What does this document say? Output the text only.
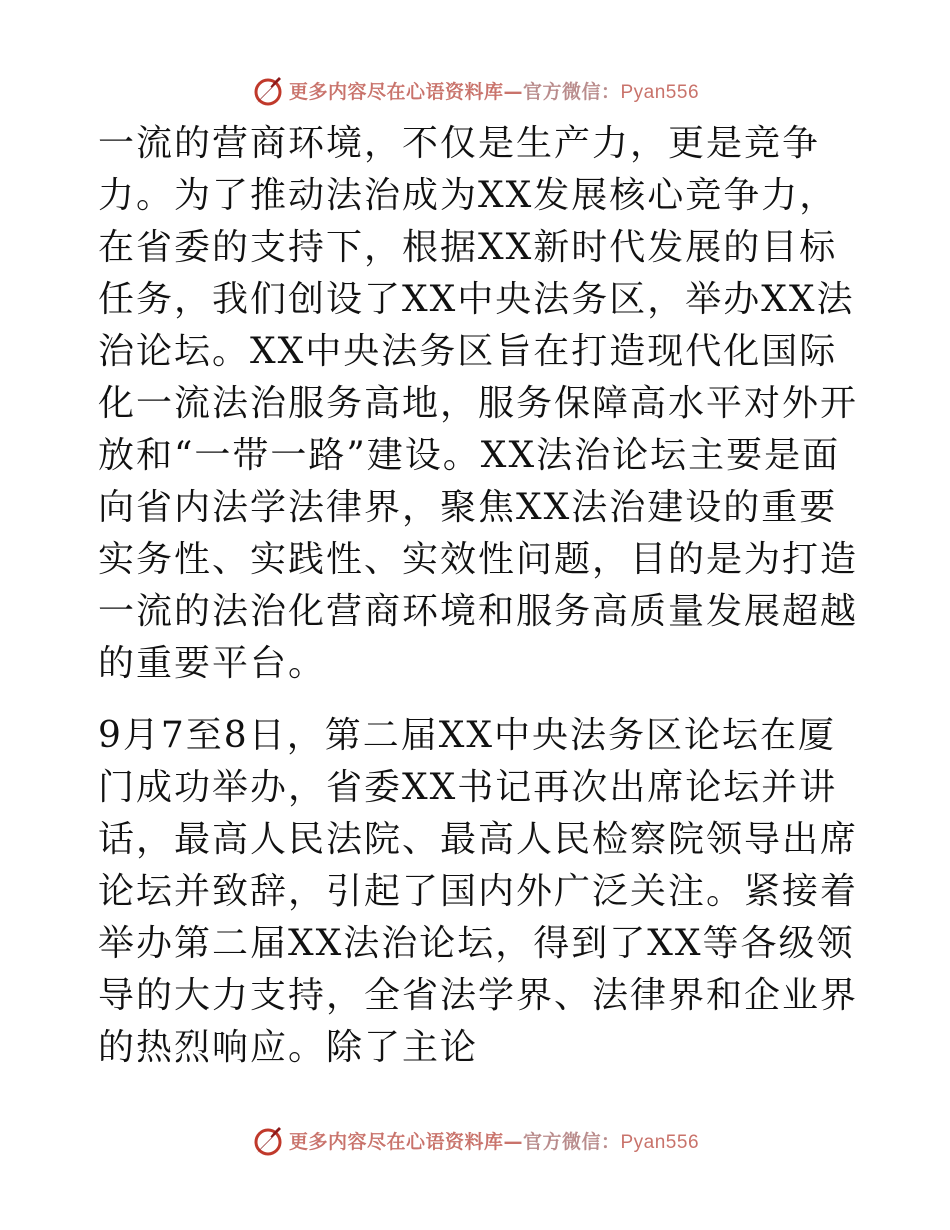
更多内容尽在心语资料库—官方微信：Pyan556

一流的营商环境，不仅是生产力，更是竞争力。为了推动法治成为XX发展核心竞争力，在省委的支持下，根据XX新时代发展的目标任务，我们创设了XX中央法务区，举办XX法治论坛。XX中央法务区旨在打造现代化国际化一流法治服务高地，服务保障高水平对外开放和“一带一路”建设。XX法治论坛主要是面向省内法学法律界，聚焦XX法治建设的重要实务性、实践性、实效性问题，目的是为打造一流的法治化营商环境和服务高质量发展超越的重要平台。

9月7至8日，第二届XX中央法务区论坛在厦门成功举办，省委XX书记再次出席论坛并讲话，最高人民法院、最高人民检察院领导出席论坛并致辞，引起了国内外广泛关注。紧接着举办第二届XX法治论坛，得到了XX等各级领导的大力支持，全省法学界、法律界和企业界的热烈响应。除了主论

更多内容尽在心语资料库—官方微信：Pyan556
